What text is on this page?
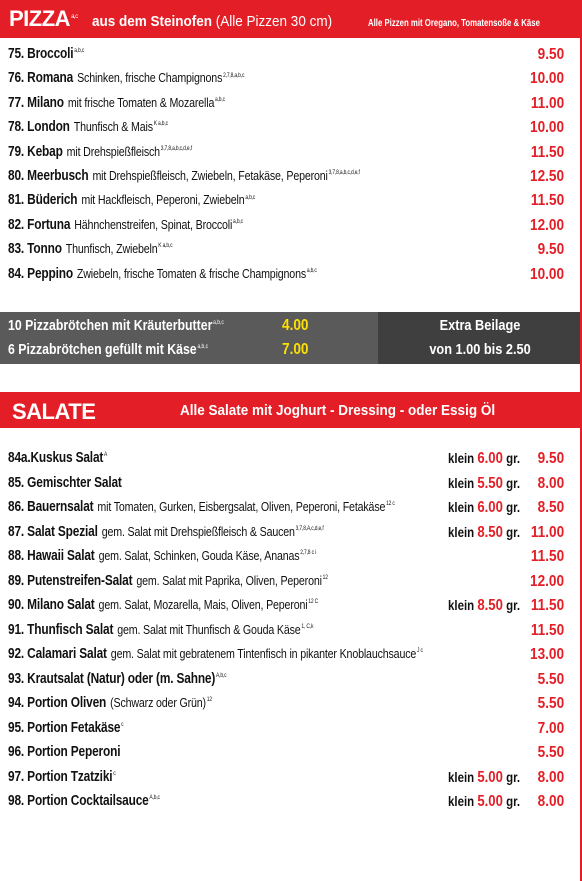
PIZZA$^{a,c}$ aus dem Steinofen (Alle Pizzen 30 cm)	Alle Pizzen mit Oregano, Tomatensoße & Käse
75. Broccoli$^{a,b,c}$	9.50
76. Romana Schinken, frische Champignons$^{2,7,8,a,b,c}$	10.00
77. Milano mit frische Tomaten & Mozarella$^{a,b,c}$	11.00
78. London Thunfisch & Mais$^{K a,b,c}$	10.00
79. Kebap mit Drehspießfleisch$^{3,7,8,a,b,c,d,e,f}$	11.50
80. Meerbusch mit Drehspießfleisch, Zwiebeln, Fetakäse, Peperoni$^{3,7,8,a,b,c,d,e,f}$	12.50
81. Büderich mit Hackfleisch, Peperoni, Zwiebeln$^{a,b,c}$	11.50
82. Fortuna Hähnchenstreifen, Spinat, Broccoli$^{a,b,c}$	12.00
83. Tonno Thunfisch, Zwiebeln$^{K a,b,c}$	9.50
84. Peppino Zwiebeln, frische Tomaten & frische Champignons$^{a,b,c}$	10.00
10 Pizzabrötchen mit Kräuterbutter$^{a,b,c}$	4.00
6 Pizzabrötchen gefüllt mit Käse$^{a,b,c}$	7.00
Extra Beilage
von 1.00 bis 2.50
SALATE	Alle Salate mit Joghurt - Dressing - oder Essig Öl
84a.Kuskus Salat$^A$	klein 6.00 gr. 9.50
85. Gemischter Salat	klein 5.50 gr. 8.00
86. Bauernsalat mit Tomaten, Gurken, Eisbergsalat, Oliven, Peperoni, Fetakäse$^{12 c}$	klein 6.00 gr. 8.50
87. Salat Spezial gem. Salat mit Drehspießfleisch & Saucen$^{3,7,8,A,c,d,e,f}$	klein 8.50 gr. 11.00
88. Hawaii Salat gem. Salat, Schinken, Gouda Käse, Ananas$^{2,7,8 c i}$	11.50
89. Putenstreifen-Salat gem. Salat mit Paprika, Oliven, Peperoni$^{12}$	12.00
90. Milano Salat gem. Salat, Mozarella, Mais, Oliven, Peperoni$^{12 C}$	klein 8.50 gr. 11.50
91. Thunfisch Salat gem. Salat mit Thunfisch & Gouda Käse$^{1, C,k}$	11.50
92. Calamari Salat gem. Salat mit gebratenem Tintenfisch in pikanter Knoblauchsauce$^{J c}$	13.00
93. Krautsalat (Natur) oder (m. Sahne)$^{A,b,c}$	5.50
94. Portion Oliven (Schwarz oder Grün)$^{12}$	5.50
95. Portion Fetakäse$^c$	7.00
96. Portion Peperoni	5.50
97. Portion Tzatziki$^c$	klein 5.00 gr. 8.00
98. Portion Cocktailsauce$^{A,b,c}$	klein 5.00 gr. 8.00
